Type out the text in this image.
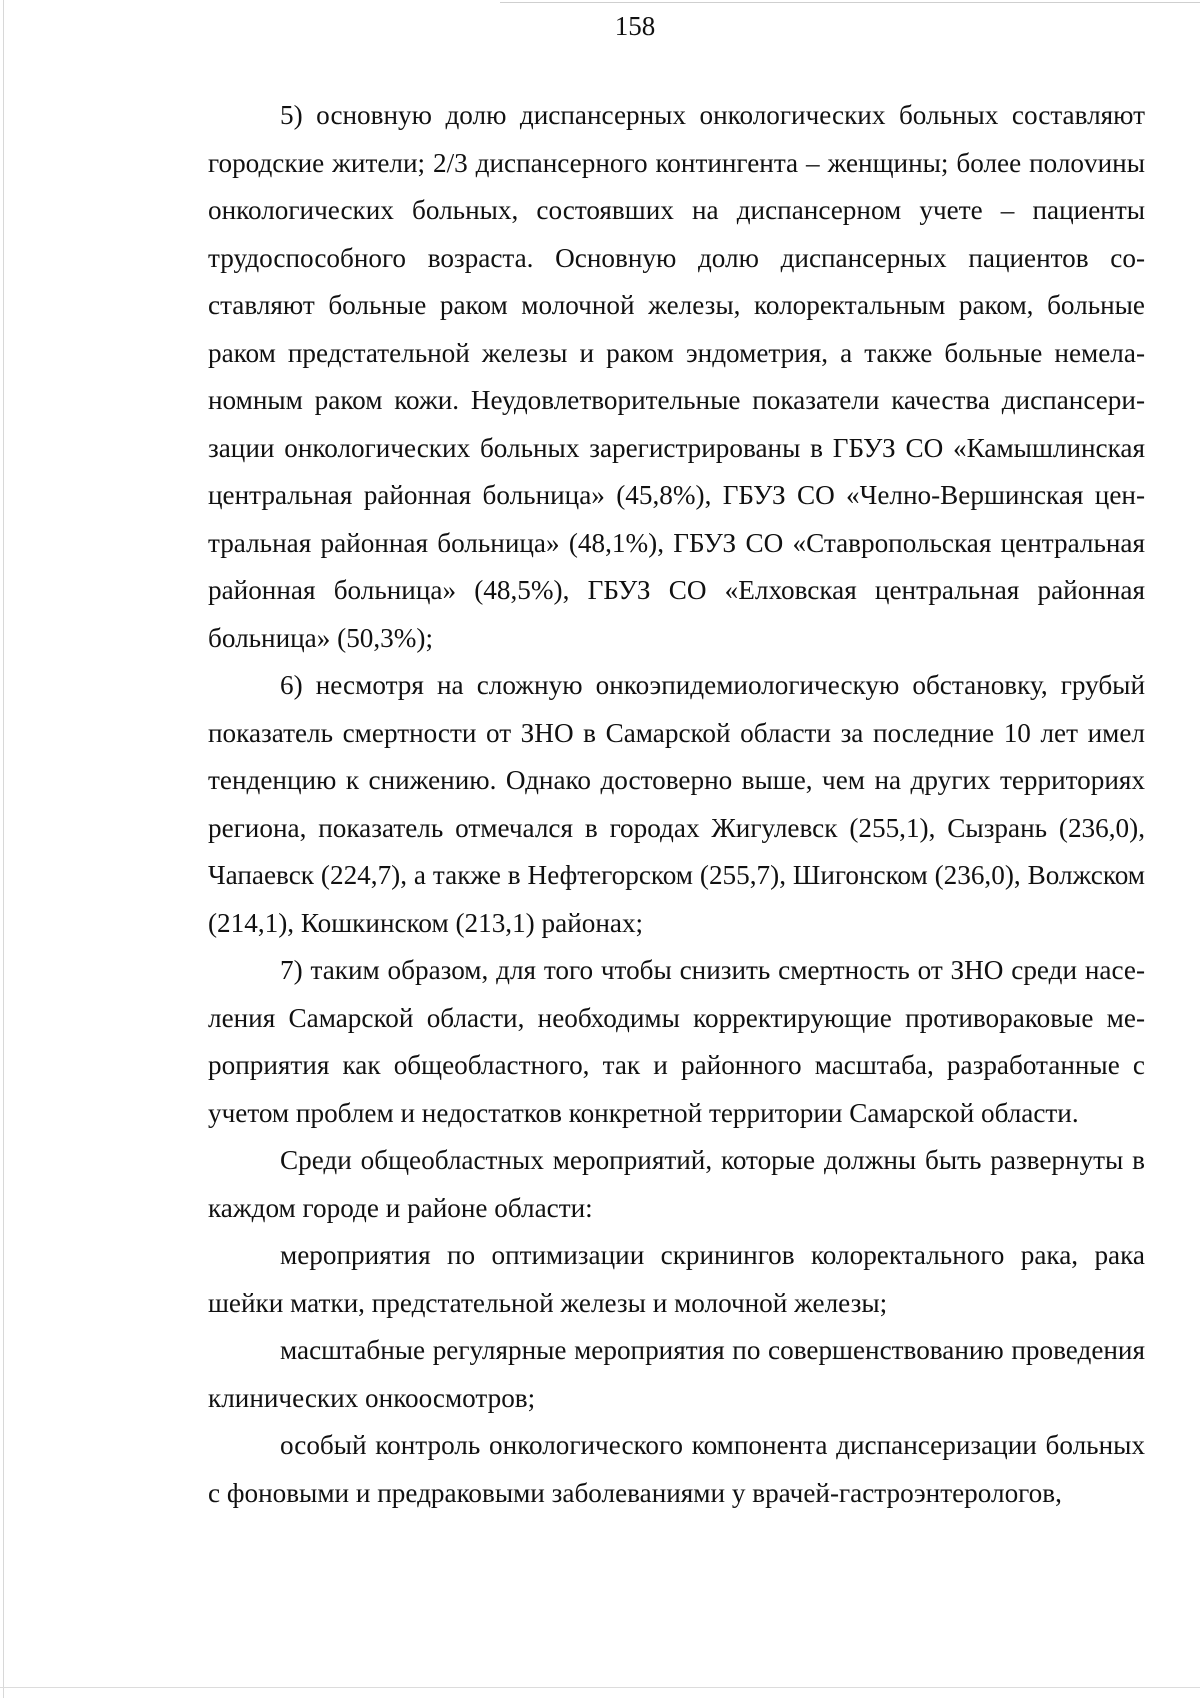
158

5) основную долю диспансерных онкологических больных составляют городские жители; 2/3 диспансерного контингента – женщины; более полоvины онкологических больных, состоявших на диспансерном учете – пациенты трудоспособного возраста. Основную долю диспансерных пациентов составляют больные раком молочной железы, колоректальным раком, больные раком предстательной железы и раком эндометрия, а также больные немеланомным раком кожи. Неудовлетворительные показатели качества диспансеризации онкологических больных зарегистрированы в ГБУЗ СО «Камышлинская центральная районная больница» (45,8%), ГБУЗ СО «Челно-Вершинская центральная районная больница» (48,1%), ГБУЗ СО «Ставропольская центральная районная больница» (48,5%), ГБУЗ СО «Елховская центральная районная больница» (50,3%);

6) несмотря на сложную онкоэпидемиологическую обстановку, грубый показатель смертности от ЗНО в Самарской области за последние 10 лет имел тенденцию к снижению. Однако достоверно выше, чем на других территориях региона, показатель отмечался в городах Жигулевск (255,1), Сызрань (236,0), Чапаевск (224,7), а также в Нефтегорском (255,7), Шигонском (236,0), Волжском (214,1), Кошкинском (213,1) районах;

7) таким образом, для того чтобы снизить смертность от ЗНО среди населения Самарской области, необходимы корректирующие противораковые мероприятия как общеобластного, так и районного масштаба, разработанные с учетом проблем и недостатков конкретной территории Самарской области.

Среди общеобластных мероприятий, которые должны быть развернуты в каждом городе и районе области:

мероприятия по оптимизации скринингов колоректального рака, рака шейки матки, предстательной железы и молочной железы;

масштабные регулярные мероприятия по совершенствованию проведения клинических онкоосмотров;

особый контроль онкологического компонента диспансеризации больных с фоновыми и предраковыми заболеваниями у врачей-гастроэнтерологов,
